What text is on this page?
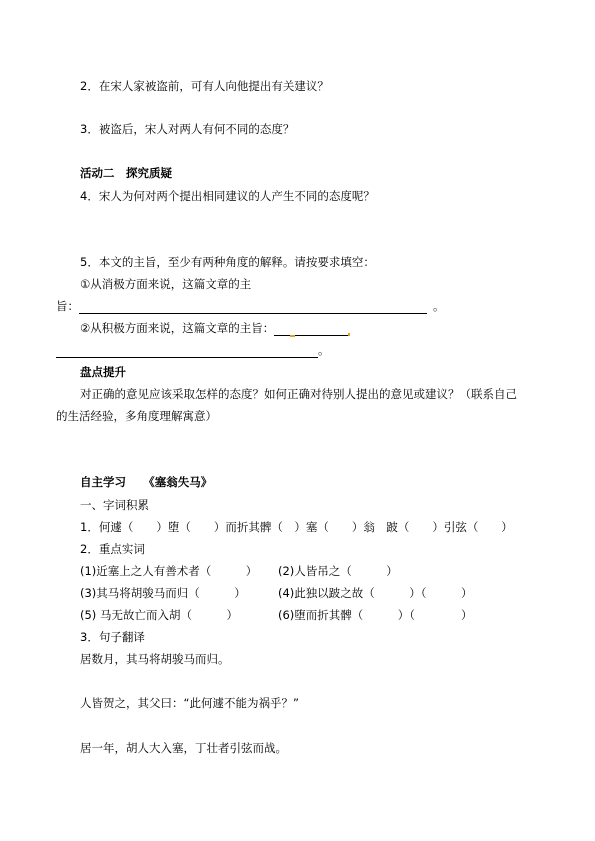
2．在宋人家被盗前，可有人向他提出有关建议？
3．被盗后，宋人对两人有何不同的态度？
活动二　探究质疑
4．宋人为何对两个提出相同建议的人产生不同的态度呢？
5．本文的主旨，至少有两种角度的解释。请按要求填空：
①从消极方面来说，这篇文章的主
旨：	。
②从积极方面来说，这篇文章的主旨：
。
盘点提升
对正确的意见应该采取怎样的态度？如何正确对待别人提出的意见或建议？（联系自己
的生活经验，多角度理解寓意）
自主学习　　《塞翁失马》
一、字词积累
1．何遽（　　）堕（　　）而折其髀（　）塞（　　）翁　跛（　　）引弦（　　）
2．重点实词
(1)近塞上之人有善术者（　　　） (2)人皆吊之（　　　）
(3)其马将胡骏马而归（　　　）	(4)此独以跛之故（　　　）（　　　）
(5) 马无故亡而入胡（　　　）	(6)堕而折其髀（　　　）（　　　　）
3．句子翻译
居数月，其马将胡骏马而归。
人皆贺之，其父曰：“此何遽不能为祸乎？”
居一年，胡人大入塞，丁壮者引弦而战。
